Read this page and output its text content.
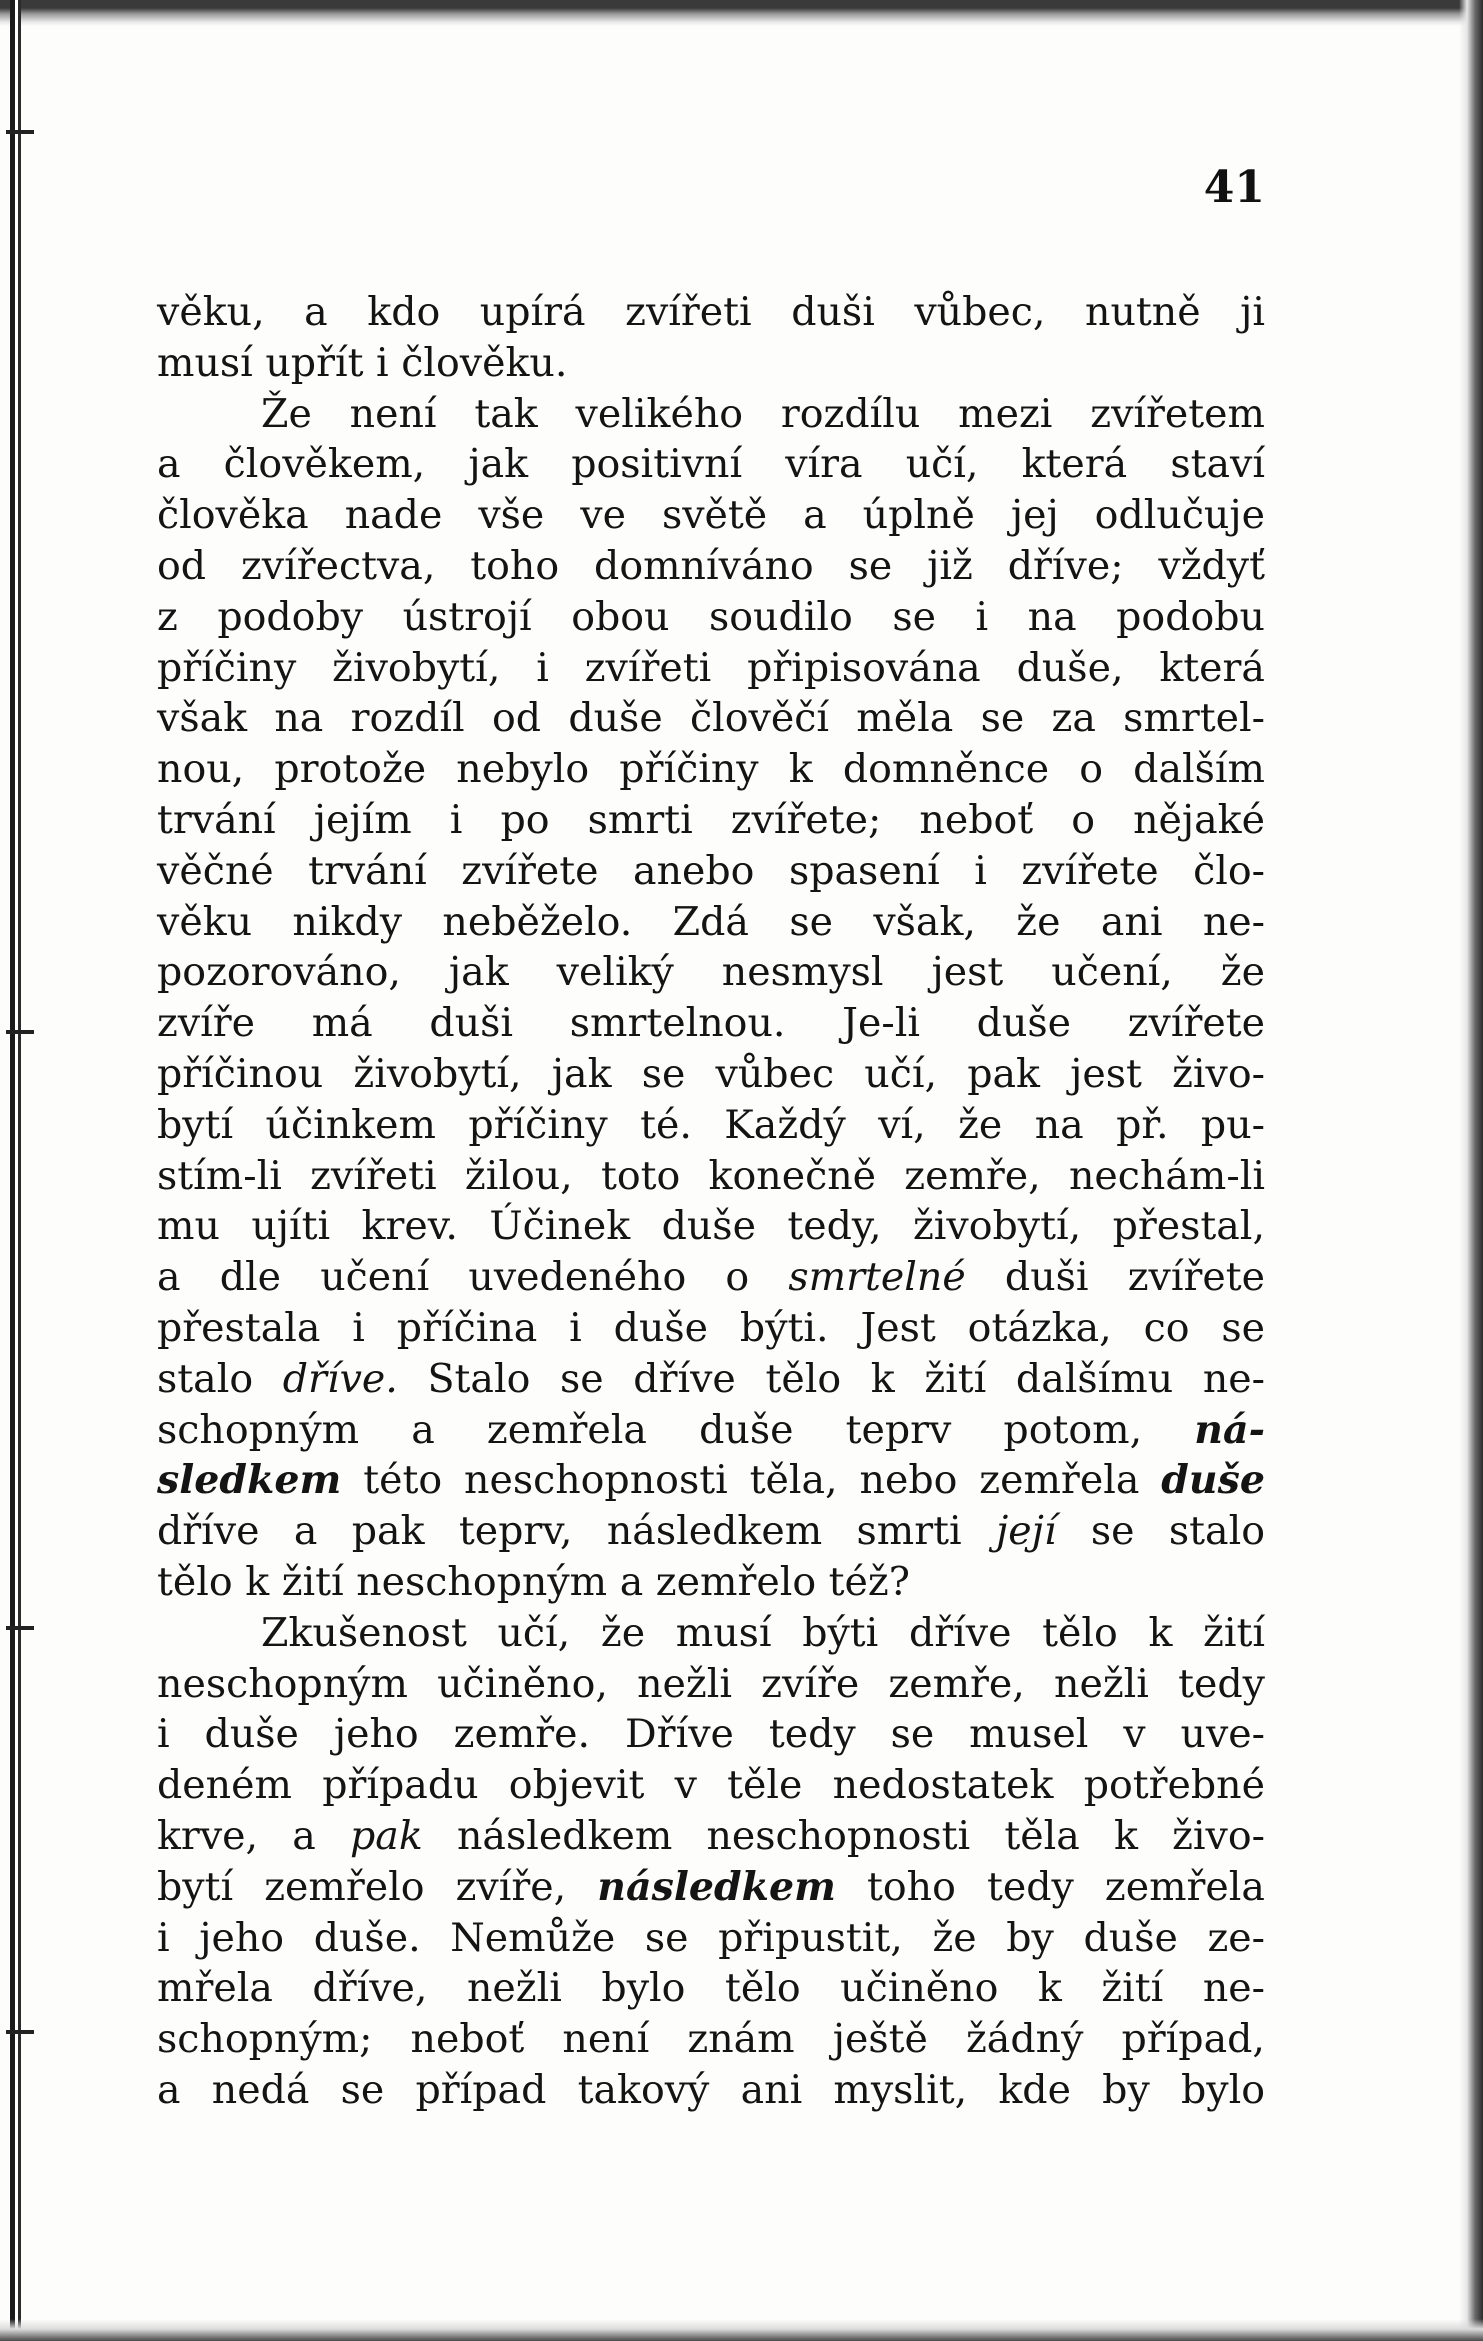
41

věku, a kdo upírá zvířeti duši vůbec, nutně ji
musí upřít i člověku.

Že není tak velikého rozdílu mezi zvířetem
a člověkem, jak positivní víra učí, která staví
člověka nade vše ve světě a úplně jej odlučuje
od zvířectva, toho domníváno se již dříve; vždyť
z podoby ústrojí obou soudilo se i na podobu
příčiny živobytí, i zvířeti připisována duše, která
však na rozdíl od duše člověčí měla se za smrtel-
nou, protože nebylo příčiny k domněnce o dalším
trvání jejím i po smrti zvířete; neboť o nějaké
věčné trvání zvířete anebo spasení i zvířete člo-
věku nikdy neběželo. Zdá se však, že ani ne-
pozorováno, jak veliký nesmysl jest učení, že
zvíře má duši smrtelnou. Je-li duše zvířete
příčinou živobytí, jak se vůbec učí, pak jest živo-
bytí účinkem příčiny té. Každý ví, že na př. pu-
stím-li zvířeti žilou, toto konečně zemře, nechám-li
mu ujíti krev. Účinek duše tedy, živobytí, přestal,
a dle učení uvedeného o smrtelné duši zvířete
přestala i příčina i duše býti. Jest otázka, co se
stalo dříve. Stalo se dříve tělo k žití dalšímu ne-
schopným a zemřela duše teprv potom, ná-
sledkem této neschopnosti těla, nebo zemřela duše
dříve a pak teprv, následkem smrti její se stalo
tělo k žití neschopným a zemřelo též?

Zkušenost učí, že musí býti dříve tělo k žití
neschopným učiněno, nežli zvíře zemře, nežli tedy
i duše jeho zemře. Dříve tedy se musel v uve-
deném případu objevit v těle nedostatek potřebné
krve, a pak následkem neschopnosti těla k živo-
bytí zemřelo zvíře, následkem toho tedy zemřela
i jeho duše. Nemůže se připustit, že by duše ze-
mřela dříve, nežli bylo tělo učiněno k žití ne-
schopným; neboť není znám ještě žádný případ,
a nedá se případ takový ani myslit, kde by bylo
